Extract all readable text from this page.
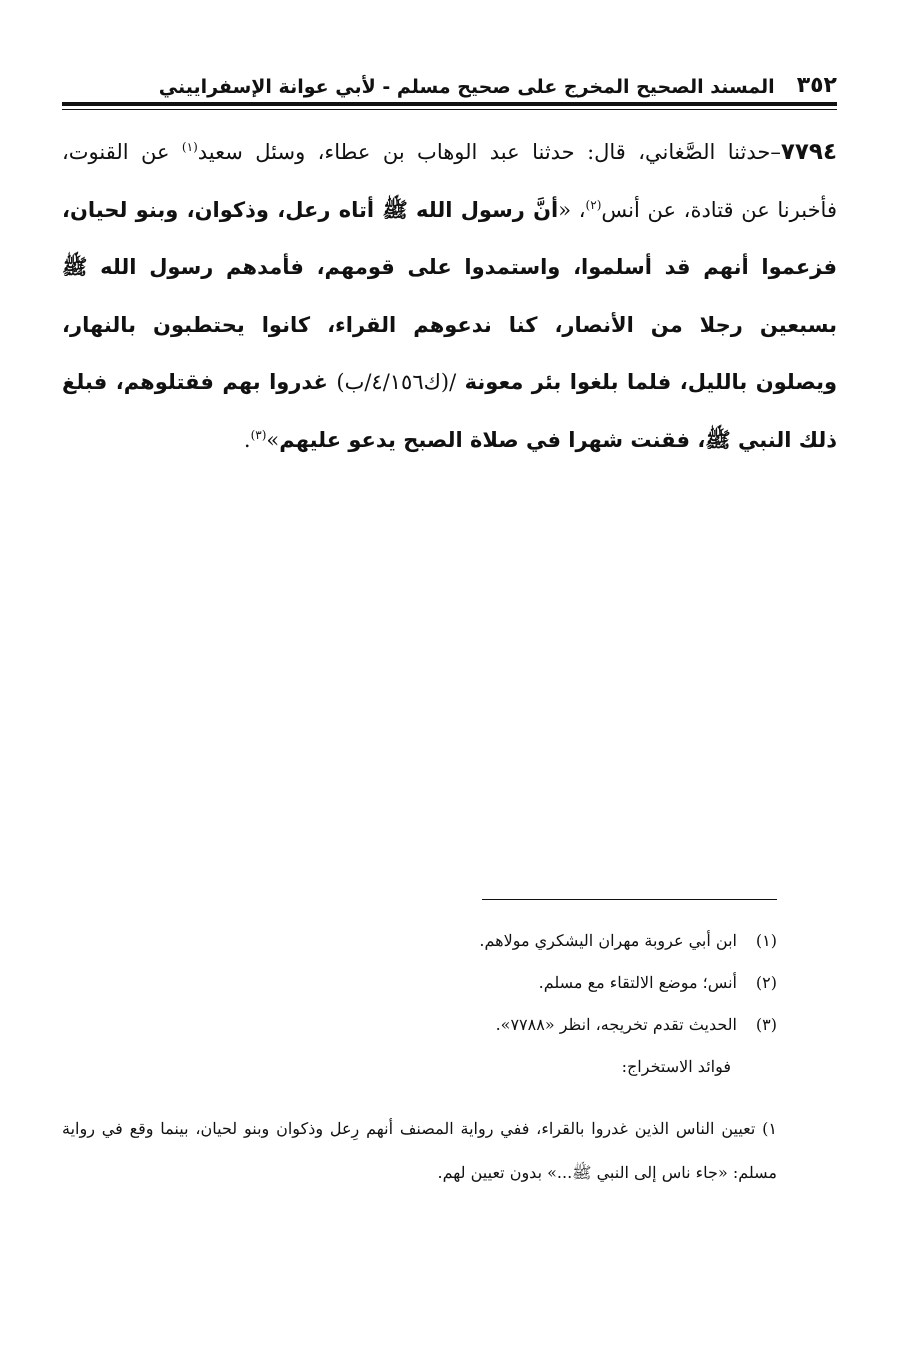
٣٥٢
المسند الصحيح المخرج على صحيح مسلم - لأبي عوانة الإسفراييني
٧٧٩٤–حدثنا الصَّغاني، قال: حدثنا عبد الوهاب بن عطاء، وسئل سعيد$^{(١)}$ عن القنوت، فأخبرنا عن قتادة، عن أنس$^{(٢)}$، «أنَّ رسول الله ﷺ أتاه رعل، وذكوان، وبنو لحيان، فزعموا أنهم قد أسلموا، واستمدوا على قومهم، فأمدهم رسول الله ﷺ بسبعين رجلا من الأنصار، كنا ندعوهم القراء، كانوا يحتطبون بالنهار، ويصلون بالليل، فلما بلغوا بئر معونة /(ك٤/١٥٦/ب) غدروا بهم فقتلوهم، فبلغ ذلك النبي ﷺ، فقنت شهرا في صلاة الصبح يدعو عليهم»$^{(٣)}$.
(١)ابن أبي عروبة مهران اليشكري مولاهم.
(٢)أنس؛ موضع الالتقاء مع مسلم.
(٣)الحديث تقدم تخريجه، انظر «٧٧٨٨».
فوائد الاستخراج:
١) تعيين الناس الذين غدروا بالقراء، ففي رواية المصنف أنهم رِعل وذكوان وبنو لحيان، بينما وقع في رواية مسلم: «جاء ناس إلى النبي ﷺ...» بدون تعيين لهم.
